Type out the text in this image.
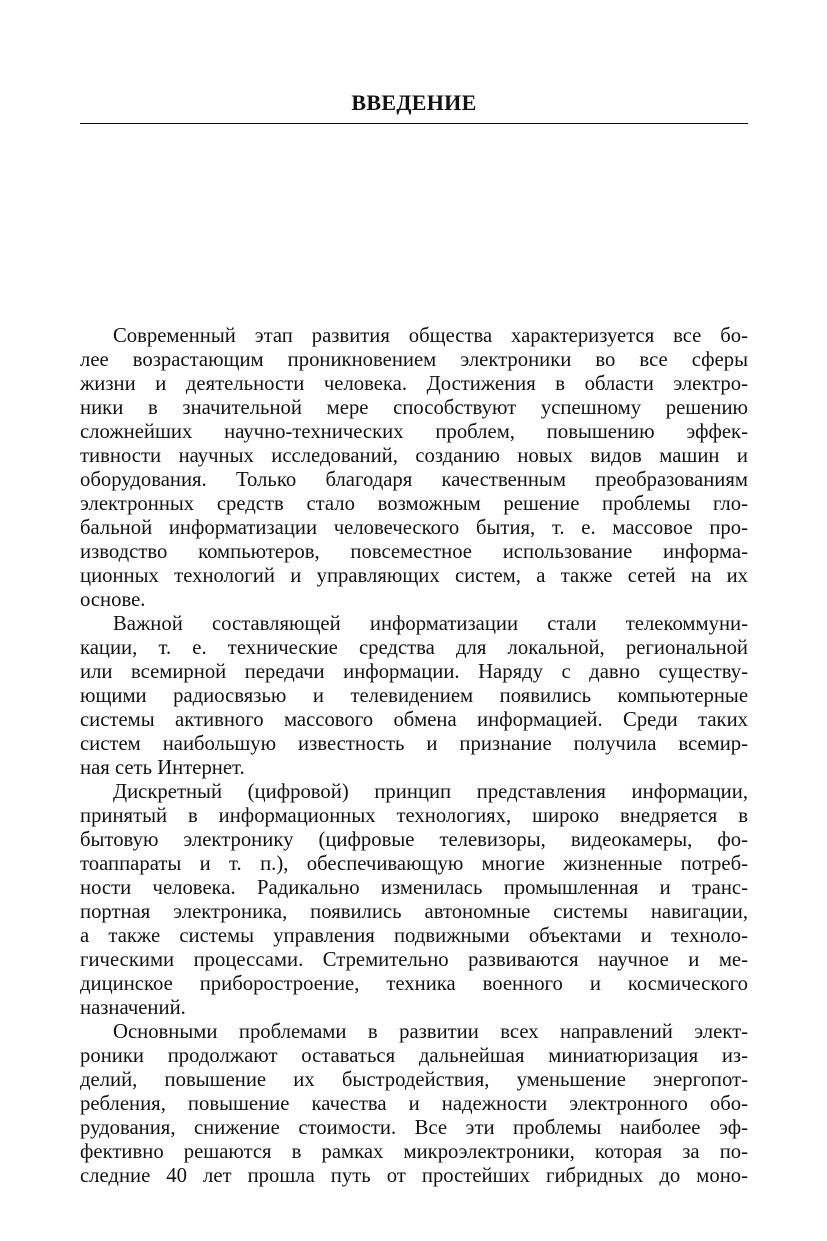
ВВЕДЕНИЕ

Современный этап развития общества характеризуется все бо-
лее возрастающим проникновением электроники во все сферы
жизни и деятельности человека. Достижения в области электро-
ники в значительной мере способствуют успешному решению
сложнейших научно-технических проблем, повышению эффек-
тивности научных исследований, созданию новых видов машин и
оборудования. Только благодаря качественным преобразованиям
электронных средств стало возможным решение проблемы гло-
бальной информатизации человеческого бытия, т. е. массовое про-
изводство компьютеров, повсеместное использование информа-
ционных технологий и управляющих систем, а также сетей на их
основе.

Важной составляющей информатизации стали телекоммуни-
кации, т. е. технические средства для локальной, региональной
или всемирной передачи информации. Наряду с давно существу-
ющими радиосвязью и телевидением появились компьютерные
системы активного массового обмена информацией. Среди таких
систем наибольшую известность и признание получила всемир-
ная сеть Интернет.

Дискретный (цифровой) принцип представления информации,
принятый в информационных технологиях, широко внедряется в
бытовую электронику (цифровые телевизоры, видеокамеры, фо-
тоаппараты и т. п.), обеспечивающую многие жизненные потреб-
ности человека. Радикально изменилась промышленная и транс-
портная электроника, появились автономные системы навигации,
а также системы управления подвижными объектами и техноло-
гическими процессами. Стремительно развиваются научное и ме-
дицинское приборостроение, техника военного и космического
назначений.

Основными проблемами в развитии всех направлений элект-
роники продолжают оставаться дальнейшая миниатюризация из-
делий, повышение их быстродействия, уменьшение энергопот-
ребления, повышение качества и надежности электронного обо-
рудования, снижение стоимости. Все эти проблемы наиболее эф-
фективно решаются в рамках микроэлектроники, которая за по-
следние 40 лет прошла путь от простейших гибридных до моно-
